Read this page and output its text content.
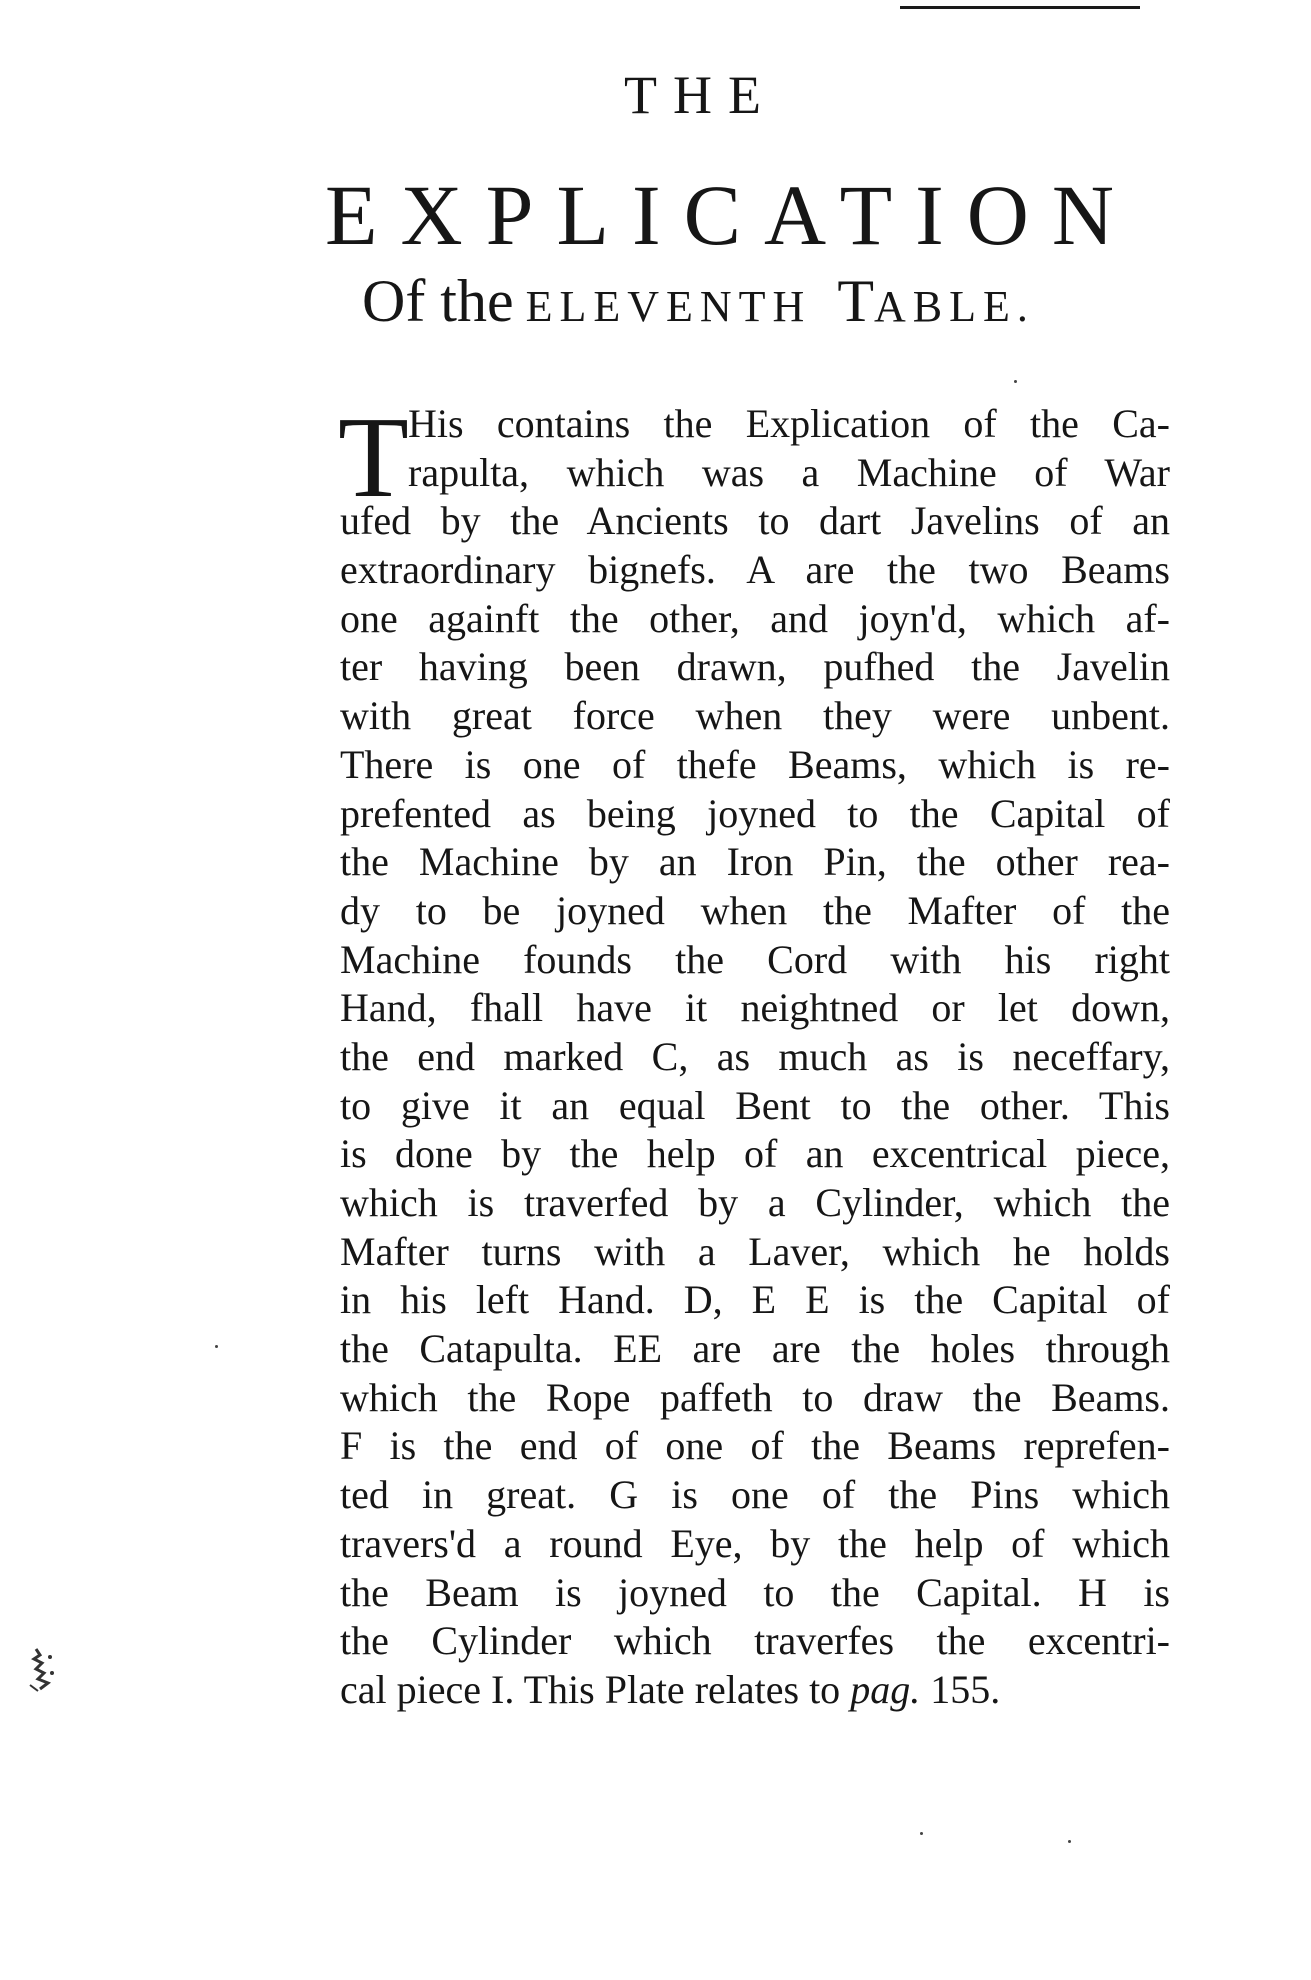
THE
EXPLICATION
Of the ELEVENTH TABLE.
T His contains the Explication of the Ca-
rapulta, which was a Machine of War
ufed by the Ancients to dart Javelins of an
extraordinary bignefs. A are the two Beams
one againft the other, and joyn'd, which af-
ter having been drawn, pufhed the Javelin
with great force when they were unbent.
There is one of thefe Beams, which is re-
prefented as being joyned to the Capital of
the Machine by an Iron Pin, the other rea-
dy to be joyned when the Mafter of the
Machine founds the Cord with his right
Hand, fhall have it neightned or let down,
the end marked C, as much as is neceffary,
to give it an equal Bent to the other. This
is done by the help of an excentrical piece,
which is traverfed by a Cylinder, which the
Mafter turns with a Laver, which he holds
in his left Hand. D, E E is the Capital of
the Catapulta. EE are are the holes through
which the Rope paffeth to draw the Beams.
F is the end of one of the Beams reprefen-
ted in great. G is one of the Pins which
travers'd a round Eye, by the help of which
the Beam is joyned to the Capital. H is
the Cylinder which traverfes the excentri-
cal piece I. This Plate relates to pag. 155.
